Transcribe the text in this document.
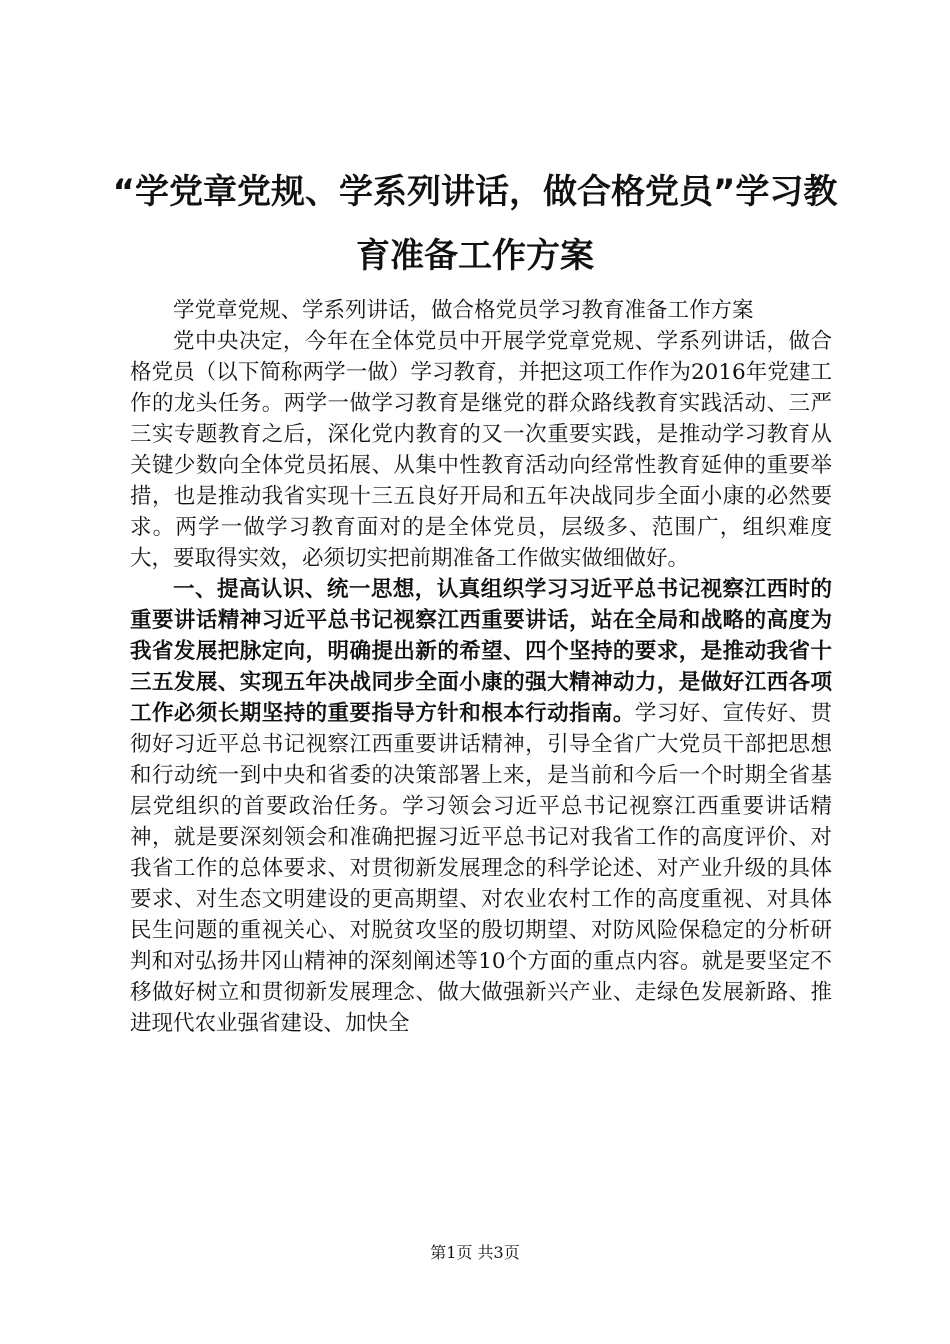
“学党章党规、学系列讲话，做合格党员”学习教育准备工作方案

学党章党规、学系列讲话，做合格党员学习教育准备工作方案

党中央决定，今年在全体党员中开展学党章党规、学系列讲话，做合格党员（以下简称两学一做）学习教育，并把这项工作作为2016年党建工作的龙头任务。两学一做学习教育是继党的群众路线教育实践活动、三严三实专题教育之后，深化党内教育的又一次重要实践，是推动学习教育从关键少数向全体党员拓展、从集中性教育活动向经常性教育延伸的重要举措，也是推动我省实现十三五良好开局和五年决战同步全面小康的必然要求。两学一做学习教育面对的是全体党员，层级多、范围广，组织难度大，要取得实效，必须切实把前期准备工作做实做细做好。

一、提高认识、统一思想，认真组织学习习近平总书记视察江西时的重要讲话精神习近平总书记视察江西重要讲话，站在全局和战略的高度为我省发展把脉定向，明确提出新的希望、四个坚持的要求，是推动我省十三五发展、实现五年决战同步全面小康的强大精神动力，是做好江西各项工作必须长期坚持的重要指导方针和根本行动指南。学习好、宣传好、贯彻好习近平总书记视察江西重要讲话精神，引导全省广大党员干部把思想和行动统一到中央和省委的决策部署上来，是当前和今后一个时期全省基层党组织的首要政治任务。学习领会习近平总书记视察江西重要讲话精神，就是要深刻领会和准确把握习近平总书记对我省工作的高度评价、对我省工作的总体要求、对贯彻新发展理念的科学论述、对产业升级的具体要求、对生态文明建设的更高期望、对农业农村工作的高度重视、对具体民生问题的重视关心、对脱贫攻坚的殷切期望、对防风险保稳定的分析研判和对弘扬井冈山精神的深刻阐述等10个方面的重点内容。就是要坚定不移做好树立和贯彻新发展理念、做大做强新兴产业、走绿色发展新路、推进现代农业强省建设、加快全

第1页 共3页
